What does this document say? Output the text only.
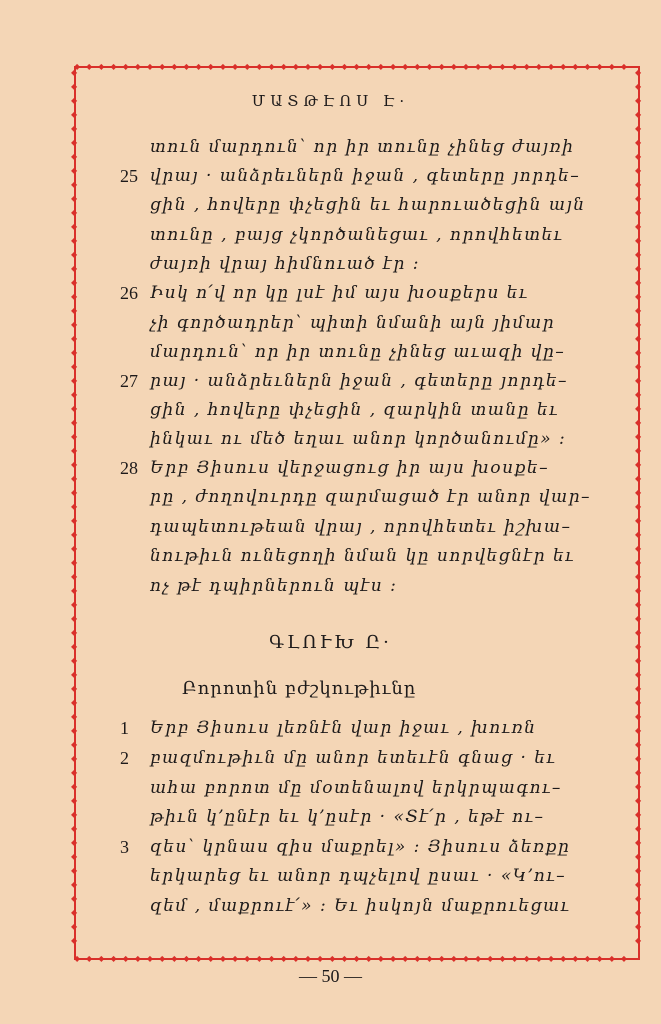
◆◆◆◆◆◆◆◆◆◆◆◆◆◆◆◆◆◆◆◆◆◆◆◆◆◆◆◆◆◆◆◆◆◆◆◆◆◆◆◆◆◆◆◆◆◆
◆◆◆◆◆◆◆◆◆◆◆◆◆◆◆◆◆◆◆◆◆◆◆◆◆◆◆◆◆◆◆◆◆◆◆◆◆◆◆◆◆◆◆◆◆◆
◆◆◆◆◆◆◆◆◆◆◆◆◆◆◆◆◆◆◆◆◆◆◆◆◆◆◆◆◆◆◆◆◆◆◆◆◆◆◆◆◆◆◆◆◆◆◆◆◆◆◆◆◆◆◆◆◆◆◆◆◆◆◆
◆◆◆◆◆◆◆◆◆◆◆◆◆◆◆◆◆◆◆◆◆◆◆◆◆◆◆◆◆◆◆◆◆◆◆◆◆◆◆◆◆◆◆◆◆◆◆◆◆◆◆◆◆◆◆◆◆◆◆◆◆◆◆
ՄԱՏԹԷՈՍ Է·
տուն մարդուն՝ որ իր տունը չինեց ժայռի
25 վրայ · անձրեւներն իջան , գետերը յորդե–
ցին , հովերը փչեցին եւ հարուածեցին այն
տունը , բայց չկործանեցաւ , որովհետեւ
ժայռի վրայ հիմնուած էր :
26 Իսկ ո՛վ որ կը լսէ իմ այս խօսքերս եւ
չի գործադրեր՝ պիտի նմանի այն յիմար
մարդուն՝ որ իր տունը չինեց աւազի վը–
27 րայ · անձրեւներն իջան , գետերը յորդե–
ցին , հովերը փչեցին , զարկին տանը եւ
ինկաւ ու մեծ եղաւ անոր կործանումը» :
28 Երբ Յիսուս վերջացուց իր այս խօսքե–
րը , ժողովուրդը զարմացած էր անոր վար–
դապետութեան վրայ , որովհետեւ իշխա–
նութիւն ունեցողի նման կը սորվեցնէր եւ
ոչ թէ դպիրներուն պէս :
ԳԼՈՒԽ Ը·
Բորոտին բժշկութիւնը
1 Երբ Յիսուս լեռնէն վար իջաւ , խուռն
2 բազմութիւն մը անոր ետեւէն գնաց · եւ
ահա բորոտ մը մօտենալով երկրպագու–
թիւն կ՚ընէր եւ կ՚ըսէր · «Տէ՛ր , եթէ ու–
3 զես՝ կրնաս զիս մաքրել» : Յիսուս ձեռքը
երկարեց եւ անոր դպչելով ըսաւ · «Կ՚ու–
զեմ , մաքրուէ՛» : Եւ իսկոյն մաքրուեցաւ
— 50 —
